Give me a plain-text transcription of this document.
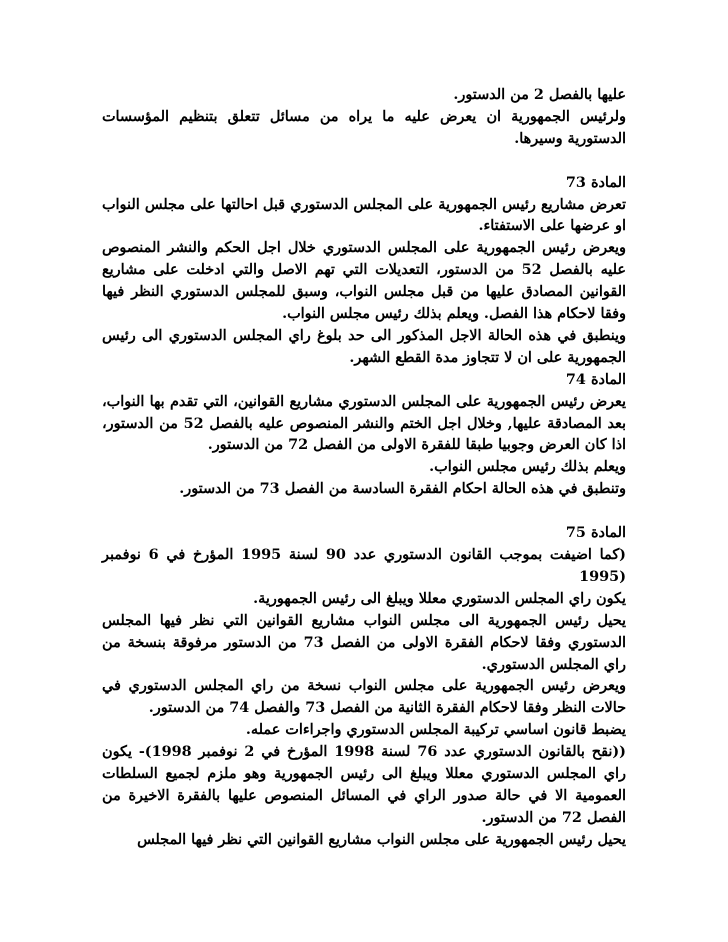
عليها بالفصل 2 من الدستور.
ولرئيس الجمهورية ان يعرض عليه ما يراه من مسائل تتعلق بتنظيم المؤسسات الدستورية وسيرها.
المادة 73
تعرض مشاريع رئيس الجمهورية على المجلس الدستوري قبل احالتها على مجلس النواب او عرضها على الاستفتاء.
ويعرض رئيس الجمهورية على المجلس الدستوري خلال اجل الحكم والنشر المنصوص عليه بالفصل 52 من الدستور، التعديلات التي تهم الاصل والتي ادخلت على مشاريع القوانين المصادق عليها من قبل مجلس النواب، وسبق للمجلس الدستوري النظر فيها وفقا لاحكام هذا الفصل. ويعلم بذلك رئيس مجلس النواب.
وينطبق في هذه الحالة الاجل المذكور الى حد بلوغ راي المجلس الدستوري الى رئيس الجمهورية على ان لا تتجاوز مدة القطع الشهر.
المادة 74
يعرض رئيس الجمهورية على المجلس الدستوري مشاريع القوانين، التي تقدم بها النواب، بعد المصادقة عليها, وخلال اجل الختم والنشر المنصوص عليه بالفصل 52 من الدستور، اذا كان العرض وجوبيا طبقا للفقرة الاولى من الفصل 72 من الدستور.
ويعلم بذلك رئيس مجلس النواب.
وتنطبق في هذه الحالة احكام الفقرة السادسة من الفصل 73 من الدستور.
المادة 75
(كما اضيفت بموجب القانون الدستوري عدد 90 لسنة 1995 المؤرخ في 6 نوفمبر (1995
يكون راي المجلس الدستوري معللا ويبلغ الى رئيس الجمهورية.
يحيل رئيس الجمهورية الى مجلس النواب مشاريع القوانين التي نظر فيها المجلس الدستوري وفقا لاحكام الفقرة الاولى من الفصل 73 من الدستور مرفوقة بنسخة من راي المجلس الدستوري.
ويعرض رئيس الجمهورية على مجلس النواب نسخة من راي المجلس الدستوري في حالات النظر وفقا لاحكام الفقرة الثانية من الفصل 73 والفصل 74 من الدستور.
يضبط قانون اساسي تركيبة المجلس الدستوري واجراءات عمله.
((نقح بالقانون الدستوري عدد 76 لسنة 1998 المؤرخ في 2 نوفمبر 1998)- يكون راي المجلس الدستوري معللا ويبلغ الى رئيس الجمهورية وهو ملزم لجميع السلطات العمومية الا في حالة صدور الراي في المسائل المنصوص عليها بالفقرة الاخيرة من الفصل 72 من الدستور.
يحيل رئيس الجمهورية على مجلس النواب مشاريع القوانين التي نظر فيها المجلس
